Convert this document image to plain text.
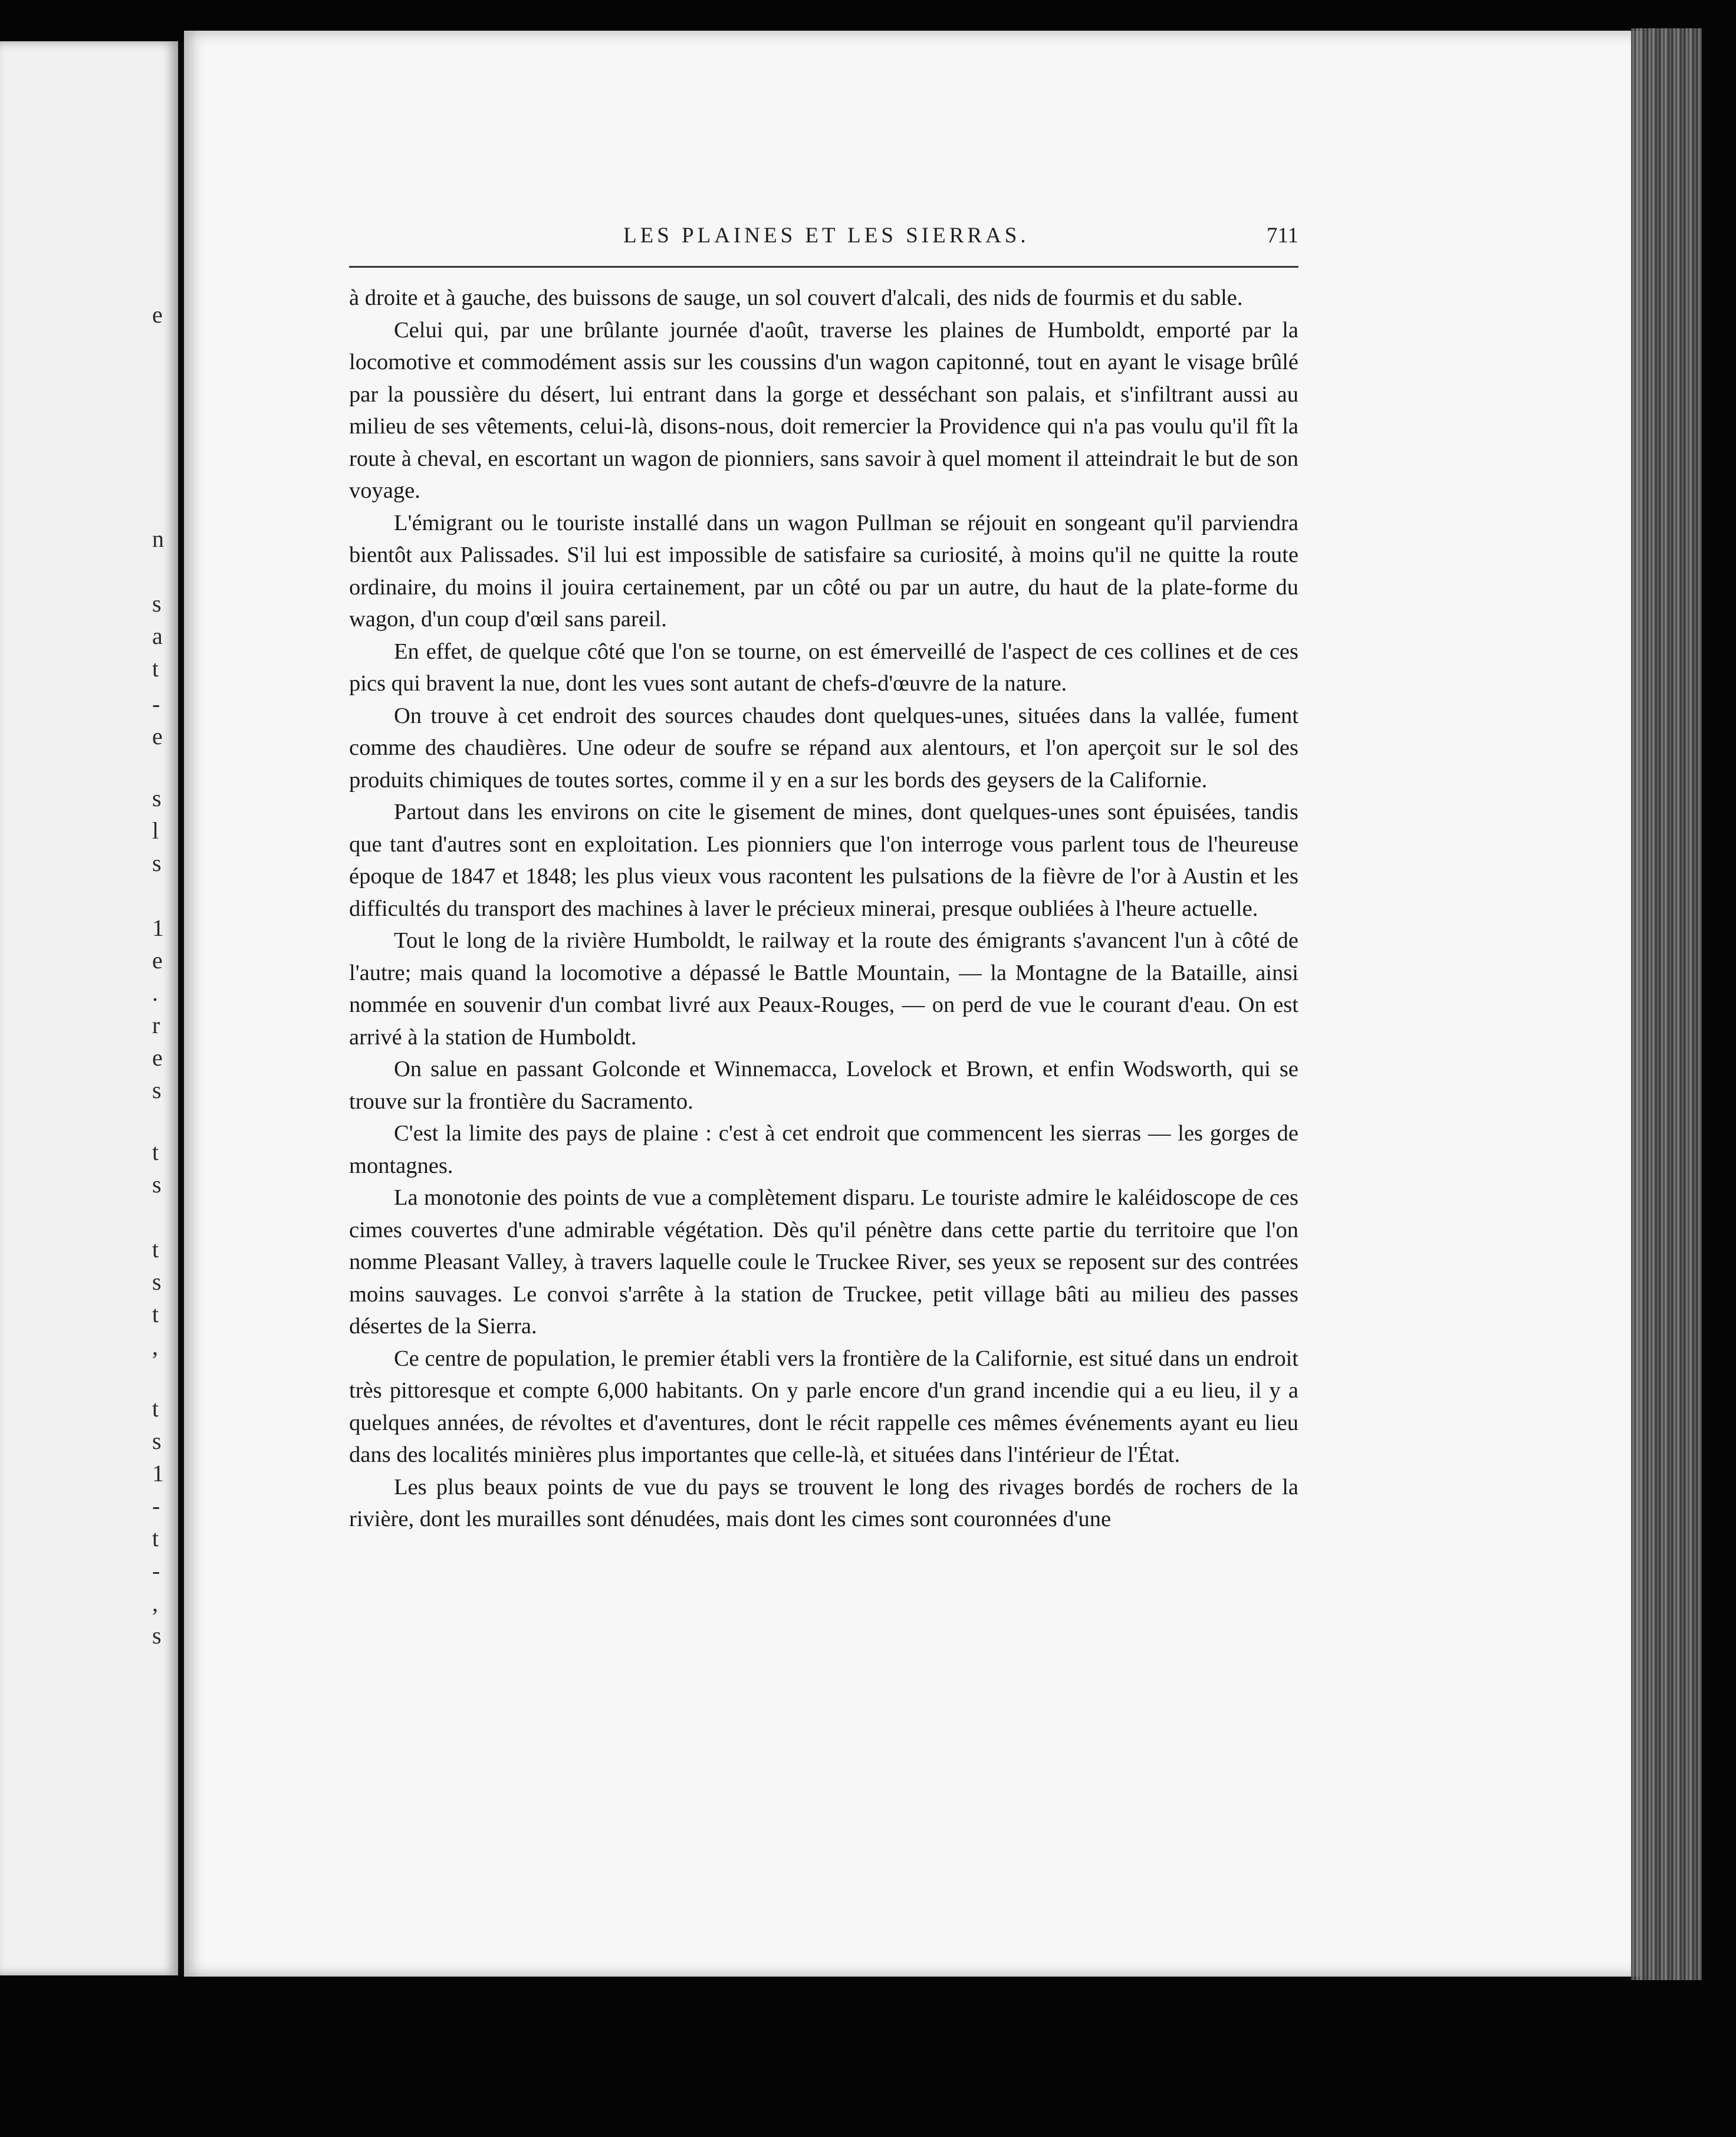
e
n
s
a
t
-
e
s
l
s
1
e
.
r
e
s
t
s
t
s
t
,
t
s
1
-
t
-
,
s
LES PLAINES ET LES SIERRAS.	711

à droite et à gauche, des buissons de sauge, un sol couvert d'alcali, des nids de fourmis et du sable.

Celui qui, par une brûlante journée d'août, traverse les plaines de Humboldt, emporté par la locomotive et commodément assis sur les coussins d'un wagon capitonné, tout en ayant le visage brûlé par la poussière du désert, lui entrant dans la gorge et desséchant son palais, et s'infiltrant aussi au milieu de ses vêtements, celui-là, disons-nous, doit remercier la Providence qui n'a pas voulu qu'il fît la route à cheval, en escortant un wagon de pionniers, sans savoir à quel moment il atteindrait le but de son voyage.

L'émigrant ou le touriste installé dans un wagon Pullman se réjouit en songeant qu'il parviendra bientôt aux Palissades. S'il lui est impossible de satisfaire sa curiosité, à moins qu'il ne quitte la route ordinaire, du moins il jouira certainement, par un côté ou par un autre, du haut de la plate-forme du wagon, d'un coup d'œil sans pareil.

En effet, de quelque côté que l'on se tourne, on est émerveillé de l'aspect de ces collines et de ces pics qui bravent la nue, dont les vues sont autant de chefs-d'œuvre de la nature.

On trouve à cet endroit des sources chaudes dont quelques-unes, situées dans la vallée, fument comme des chaudières. Une odeur de soufre se répand aux alentours, et l'on aperçoit sur le sol des produits chimiques de toutes sortes, comme il y en a sur les bords des geysers de la Californie.

Partout dans les environs on cite le gisement de mines, dont quelques-unes sont épuisées, tandis que tant d'autres sont en exploitation. Les pionniers que l'on interroge vous parlent tous de l'heureuse époque de 1847 et 1848; les plus vieux vous racontent les pulsations de la fièvre de l'or à Austin et les difficultés du transport des machines à laver le précieux minerai, presque oubliées à l'heure actuelle.

Tout le long de la rivière Humboldt, le railway et la route des émigrants s'avancent l'un à côté de l'autre; mais quand la locomotive a dépassé le Battle Mountain, — la Montagne de la Bataille, ainsi nommée en souvenir d'un combat livré aux Peaux-Rouges, — on perd de vue le courant d'eau. On est arrivé à la station de Humboldt.

On salue en passant Golconde et Winnemacca, Lovelock et Brown, et enfin Wodsworth, qui se trouve sur la frontière du Sacramento.

C'est la limite des pays de plaine : c'est à cet endroit que commencent les sierras — les gorges de montagnes.

La monotonie des points de vue a complètement disparu. Le touriste admire le kaléidoscope de ces cimes couvertes d'une admirable végétation. Dès qu'il pénètre dans cette partie du territoire que l'on nomme Pleasant Valley, à travers laquelle coule le Truckee River, ses yeux se reposent sur des contrées moins sauvages. Le convoi s'arrête à la station de Truckee, petit village bâti au milieu des passes désertes de la Sierra.

Ce centre de population, le premier établi vers la frontière de la Californie, est situé dans un endroit très pittoresque et compte 6,000 habitants. On y parle encore d'un grand incendie qui a eu lieu, il y a quelques années, de révoltes et d'aventures, dont le récit rappelle ces mêmes événements ayant eu lieu dans des localités minières plus importantes que celle-là, et situées dans l'intérieur de l'État.

Les plus beaux points de vue du pays se trouvent le long des rivages bordés de rochers de la rivière, dont les murailles sont dénudées, mais dont les cimes sont couronnées d'une
